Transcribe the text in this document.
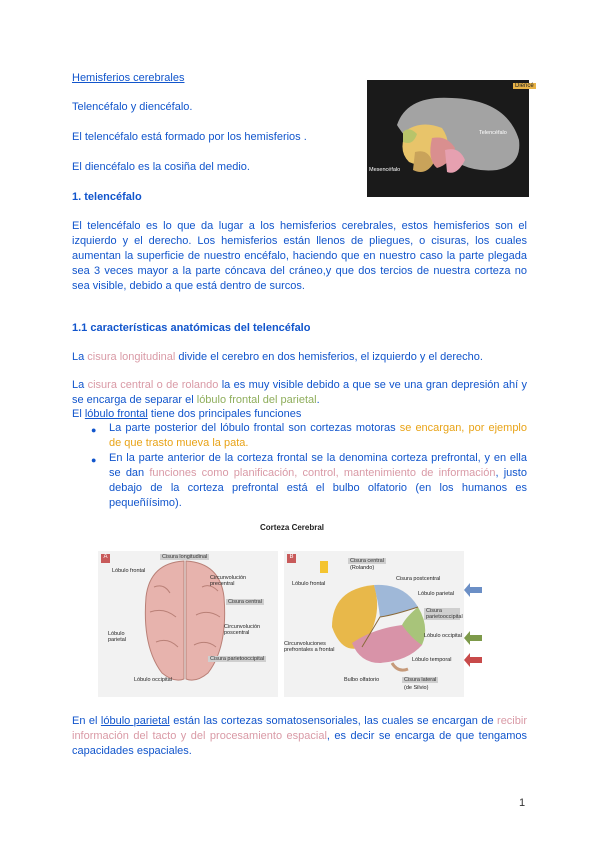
Hemisferios cerebrales
Telencéfalo y diencéfalo.
El telencéfalo está formado por los hemisferios .
El diencéfalo es la cosiña del medio.
Diencé
Telencéfalo
Mesencéfalo
1. telencéfalo
El telencéfalo es lo que da lugar a los hemisferios cerebrales, estos hemisferios son el izquierdo y el derecho. Los hemisferios están llenos de pliegues, o cisuras, los cuales aumentan la superficie de nuestro encéfalo, haciendo que en nuestro caso la parte plegada sea 3 veces mayor a la parte cóncava del cráneo,y que dos tercios de nuestra corteza no sea visible, debido a que está dentro de surcos.
1.1 características anatómicas del telencéfalo
La cisura longitudinal divide el cerebro en dos hemisferios, el izquierdo y el derecho.
La cisura central o de rolando la es muy visible debido a que se ve una gran depresión ahí y se encarga de separar el lóbulo frontal del parietal.
El lóbulo frontal tiene dos principales funciones
● La parte posterior del lóbulo frontal son cortezas motoras se encargan, por ejemplo de que trasto mueva la pata.
● En la parte anterior de la corteza frontal se la denomina corteza prefrontal, y en ella se dan funciones como planificación, control, mantenimiento de información, justo debajo de la corteza prefrontal está el bulbo olfatorio (en los humanos es pequeñíísimo).
Corteza Cerebral
A	Cisura longitudinal
Lóbulo frontal
Circunvolución precentral
Cisura central
Circunvolución poscentral
Lóbulo parietal
Cisura parietooccipital
Lóbulo occipital
B
Cisura central
(Rolando)
Lóbulo frontal
Cisura postcentral
Lóbulo parietal
Cisura parietooccipital
Lóbulo occipital
Lóbulo temporal
Circunvoluciones prefrontales a frontal
Bulbo olfatorio	Cisura lateral
(de Silvio)
En el lóbulo parietal están las cortezas somatosensoriales, las cuales se encargan de recibir información del tacto y del procesamiento espacial, es decir se encarga de que tengamos capacidades espaciales.
1
